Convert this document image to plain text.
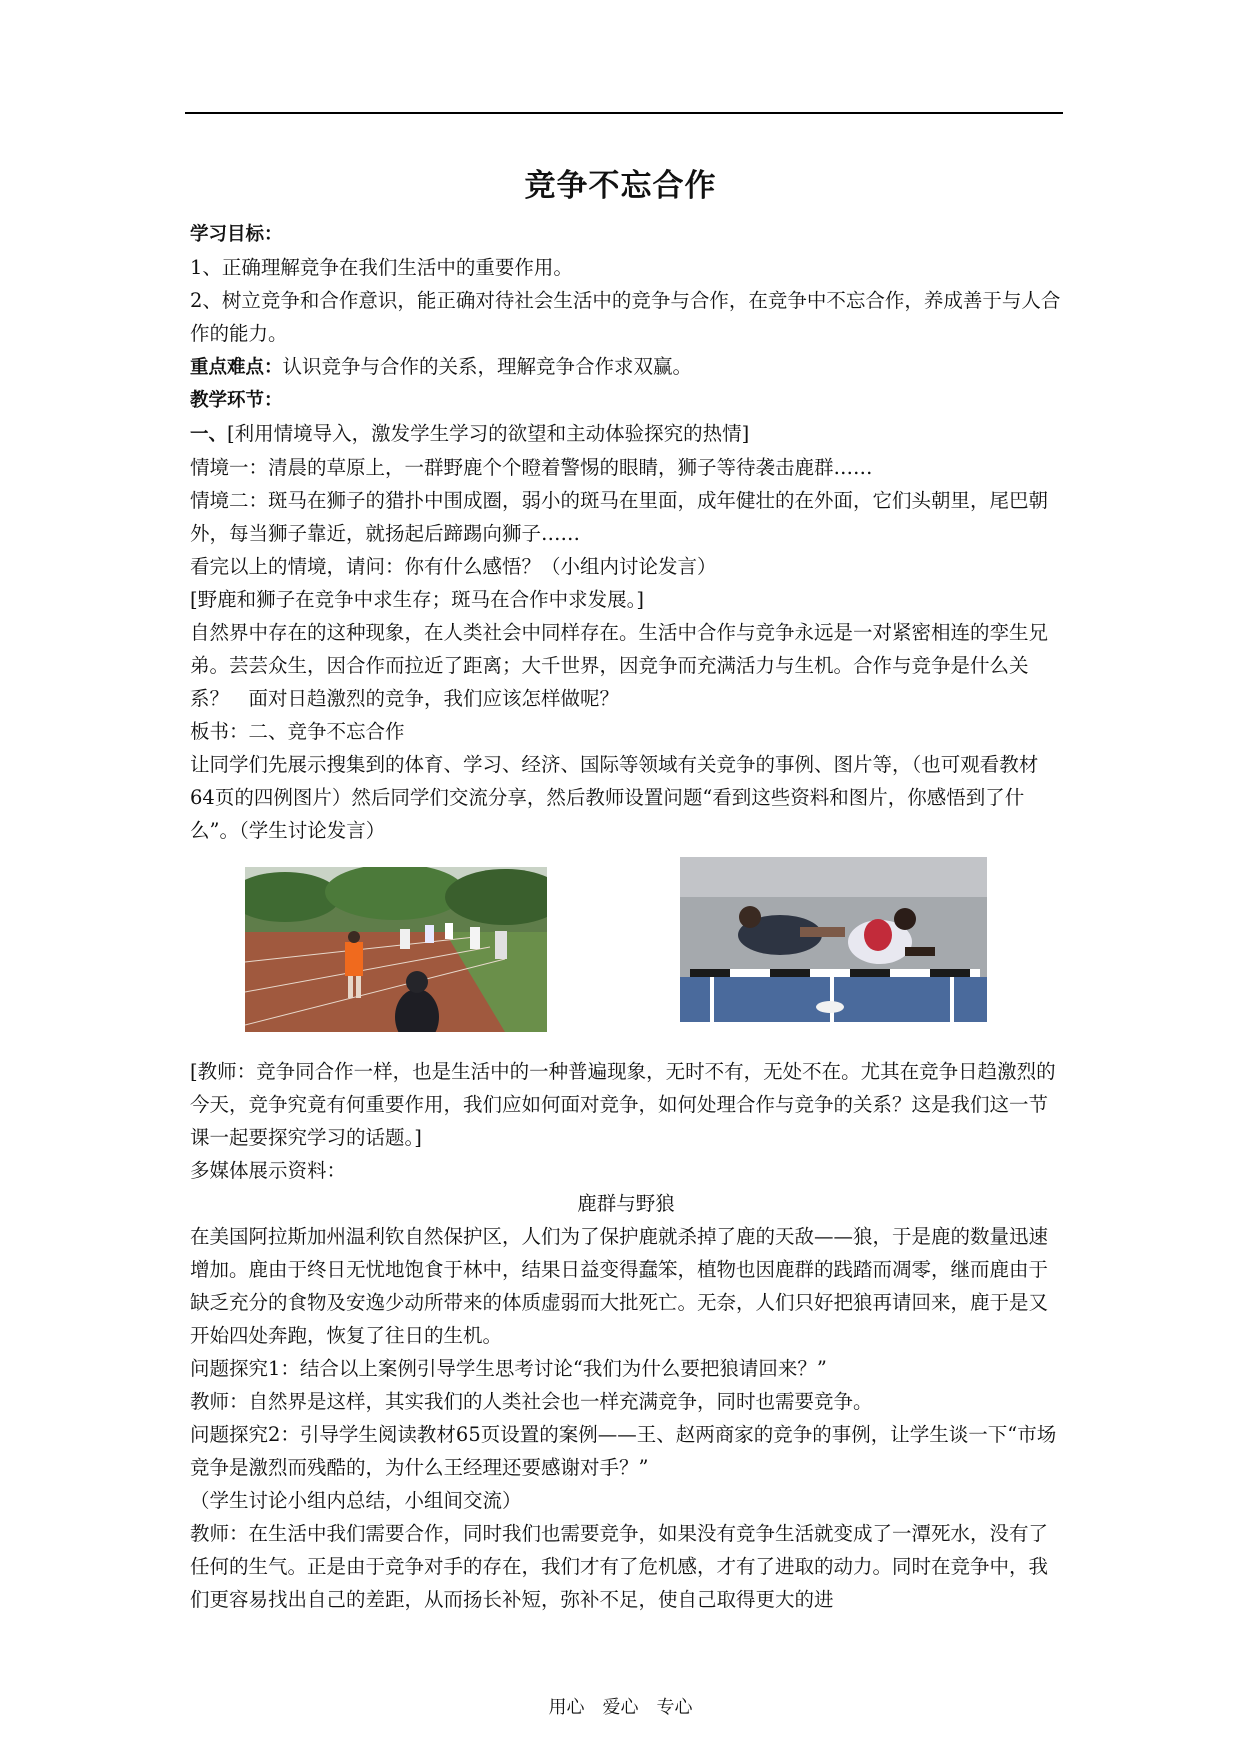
竞争不忘合作

学习目标：

1、正确理解竞争在我们生活中的重要作用。

2、树立竞争和合作意识，能正确对待社会生活中的竞争与合作，在竞争中不忘合作，养成善于与人合作的能力。

重点难点：认识竞争与合作的关系，理解竞争合作求双赢。

教学环节：

一、[利用情境导入，激发学生学习的欲望和主动体验探究的热情]

情境一：清晨的草原上，一群野鹿个个瞪着警惕的眼睛，狮子等待袭击鹿群……

情境二：斑马在狮子的猎扑中围成圈，弱小的斑马在里面，成年健壮的在外面，它们头朝里，尾巴朝外，每当狮子靠近，就扬起后蹄踢向狮子……

看完以上的情境，请问：你有什么感悟？（小组内讨论发言）

[野鹿和狮子在竞争中求生存；斑马在合作中求发展。]

自然界中存在的这种现象，在人类社会中同样存在。生活中合作与竞争永远是一对紧密相连的孪生兄弟。芸芸众生，因合作而拉近了距离；大千世界，因竞争而充满活力与生机。合作与竞争是什么关系？　面对日趋激烈的竞争，我们应该怎样做呢？

板书：二、竞争不忘合作

让同学们先展示搜集到的体育、学习、经济、国际等领域有关竞争的事例、图片等，（也可观看教材64页的四例图片）然后同学们交流分享，然后教师设置问题“看到这些资料和图片，你感悟到了什么”。（学生讨论发言）

[教师：竞争同合作一样，也是生活中的一种普遍现象，无时不有，无处不在。尤其在竞争日趋激烈的今天，竞争究竟有何重要作用，我们应如何面对竞争，如何处理合作与竞争的关系？这是我们这一节课一起要探究学习的话题。]

多媒体展示资料：

鹿群与野狼

在美国阿拉斯加州温利钦自然保护区，人们为了保护鹿就杀掉了鹿的天敌——狼，于是鹿的数量迅速增加。鹿由于终日无忧地饱食于林中，结果日益变得蠢笨，植物也因鹿群的践踏而凋零，继而鹿由于缺乏充分的食物及安逸少动所带来的体质虚弱而大批死亡。无奈，人们只好把狼再请回来，鹿于是又开始四处奔跑，恢复了往日的生机。

问题探究1：结合以上案例引导学生思考讨论“我们为什么要把狼请回来？”

教师：自然界是这样，其实我们的人类社会也一样充满竞争，同时也需要竞争。

问题探究2：引导学生阅读教材65页设置的案例——王、赵两商家的竞争的事例，让学生谈一下“市场竞争是激烈而残酷的，为什么王经理还要感谢对手？”

（学生讨论小组内总结，小组间交流）

教师：在生活中我们需要合作，同时我们也需要竞争，如果没有竞争生活就变成了一潭死水，没有了任何的生气。正是由于竞争对手的存在，我们才有了危机感，才有了进取的动力。同时在竞争中，我们更容易找出自己的差距，从而扬长补短，弥补不足，使自己取得更大的进

用心　爱心　专心
